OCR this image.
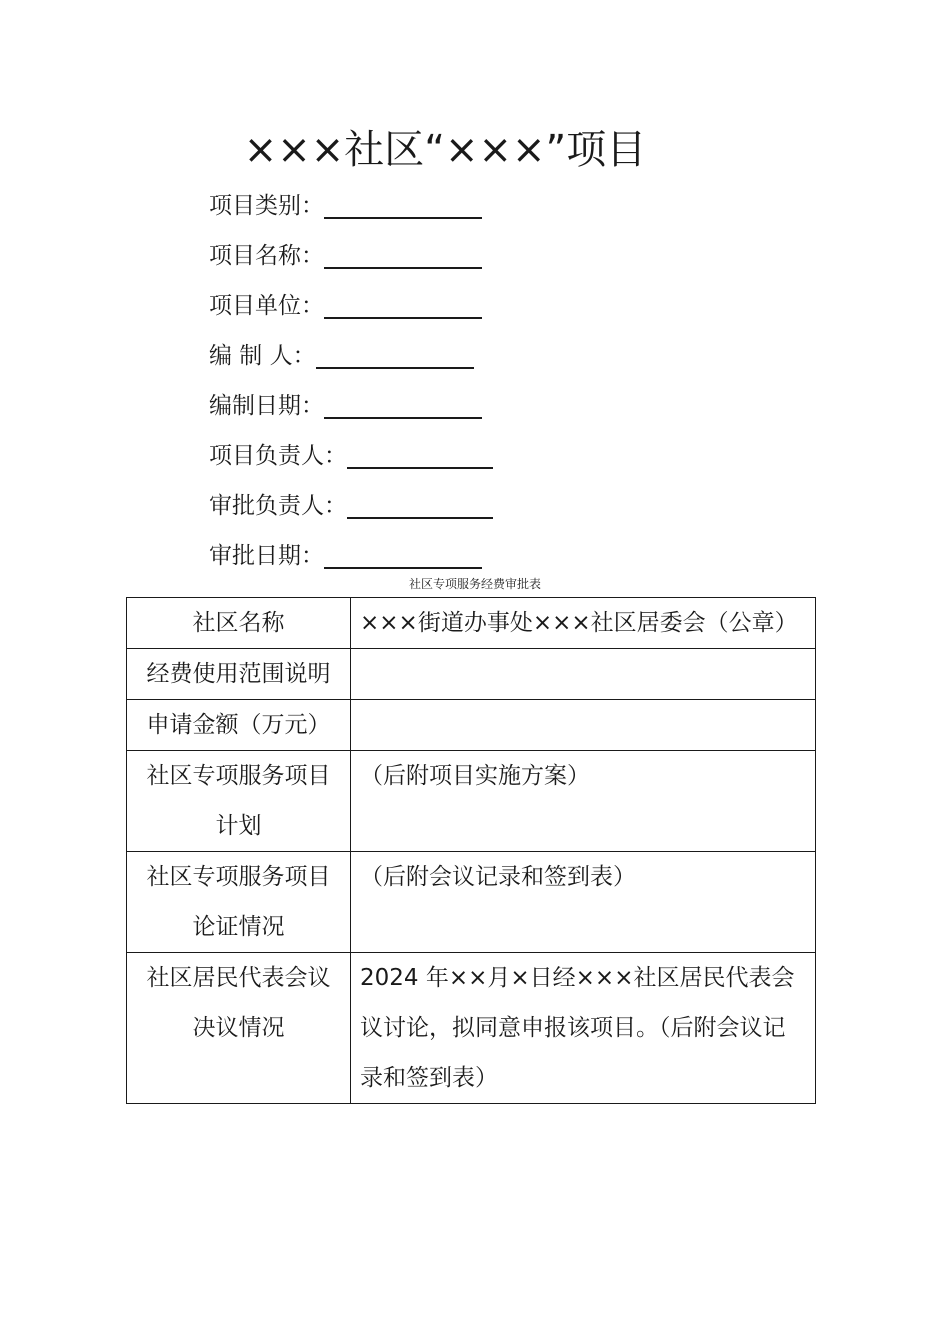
×××社区“×××”项目
项目类别：
项目名称：
项目单位：
编 制 人：
编制日期：
项目负责人：
审批负责人：
审批日期：
社区专项服务经费审批表
社区名称	×××街道办事处×××社区居委会（公章）
经费使用范围说明	
申请金额（万元）	
社区专项服务项目计划	（后附项目实施方案）
社区专项服务项目论证情况	（后附会议记录和签到表）
社区居民代表会议决议情况	2024 年××月×日经×××社区居民代表会议讨论，拟同意申报该项目。（后附会议记录和签到表）
